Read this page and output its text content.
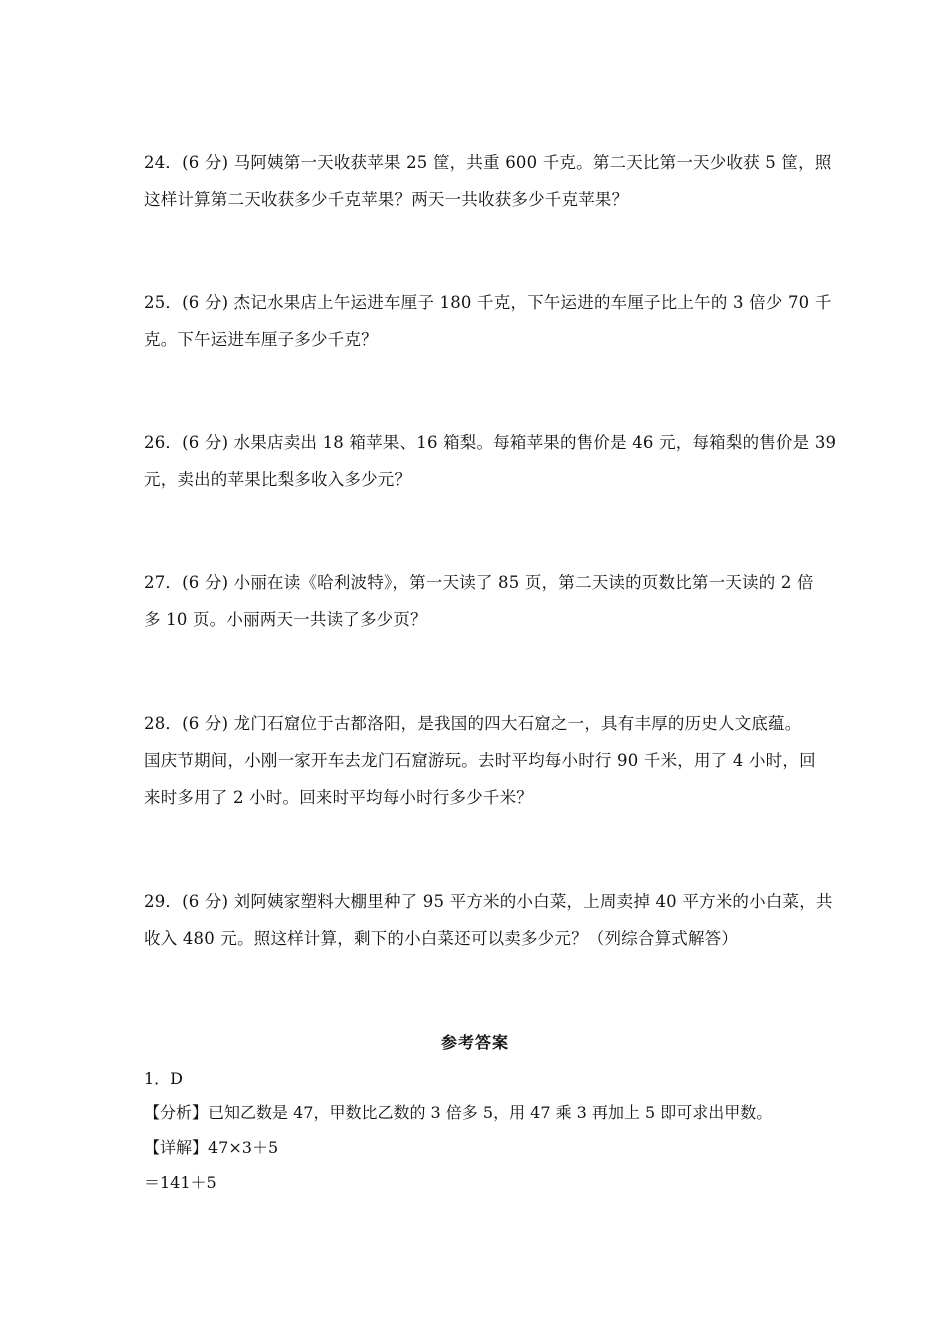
24．(6 分) 马阿姨第一天收获苹果 25 筐，共重 600 千克。第二天比第一天少收获 5 筐，照
这样计算第二天收获多少千克苹果？两天一共收获多少千克苹果？
25．(6 分) 杰记水果店上午运进车厘子 180 千克，下午运进的车厘子比上午的 3 倍少 70 千
克。下午运进车厘子多少千克？
26．(6 分) 水果店卖出 18 箱苹果、16 箱梨。每箱苹果的售价是 46 元，每箱梨的售价是 39
元，卖出的苹果比梨多收入多少元？
27．(6 分) 小丽在读《哈利波特》，第一天读了 85 页，第二天读的页数比第一天读的 2 倍
多 10 页。小丽两天一共读了多少页？
28．(6 分) 龙门石窟位于古都洛阳，是我国的四大石窟之一，具有丰厚的历史人文底蕴。
国庆节期间，小刚一家开车去龙门石窟游玩。去时平均每小时行 90 千米，用了 4 小时，回
来时多用了 2 小时。回来时平均每小时行多少千米？
29．(6 分) 刘阿姨家塑料大棚里种了 95 平方米的小白菜，上周卖掉 40 平方米的小白菜，共
收入 480 元。照这样计算，剩下的小白菜还可以卖多少元？（列综合算式解答）
参考答案
1．D
【分析】已知乙数是 47，甲数比乙数的 3 倍多 5，用 47 乘 3 再加上 5 即可求出甲数。
【详解】47×3＋5
＝141＋5
